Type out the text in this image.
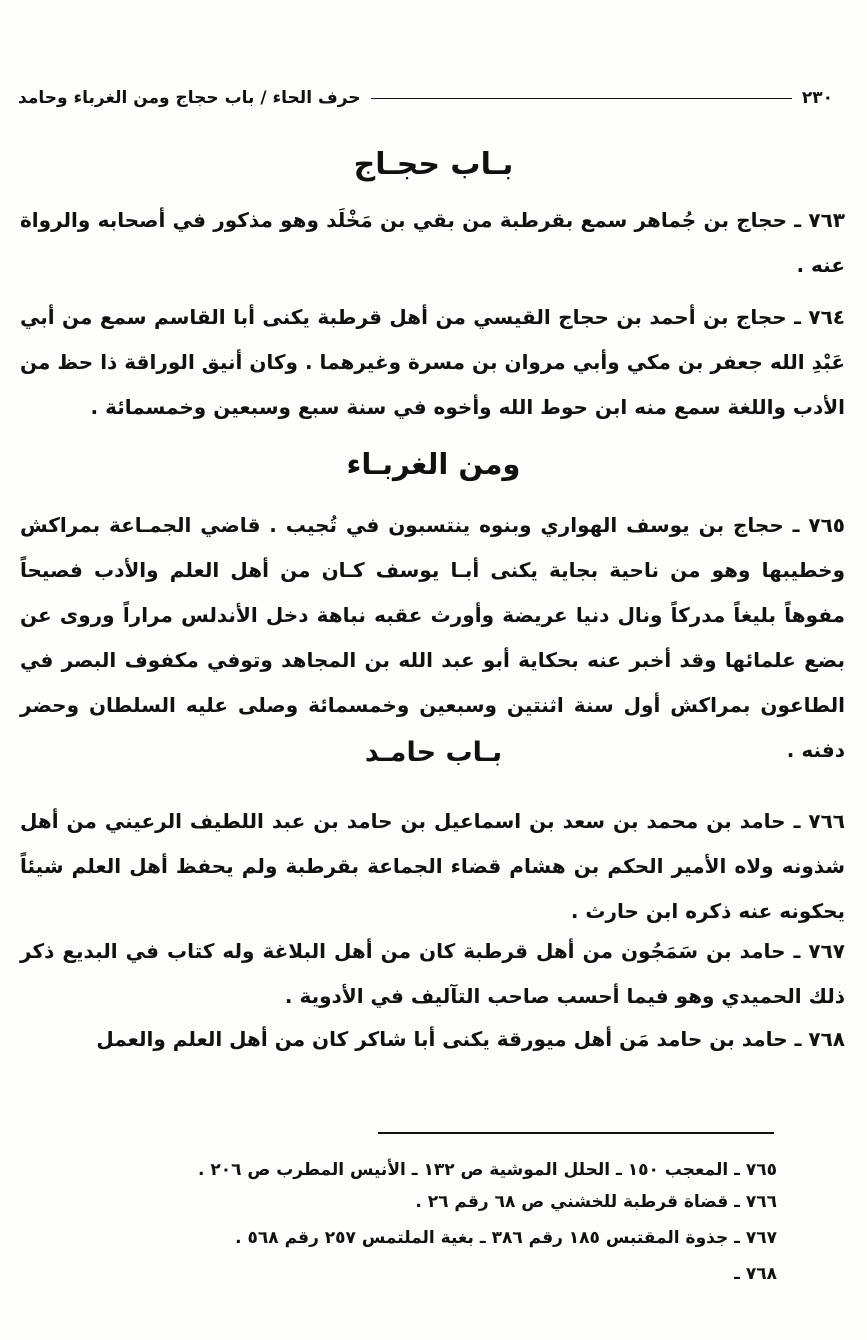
٢٣٠
حرف الحاء / باب حجاج ومن الغرباء وحامد
بـاب حجـاج
٧٦٣ ـ حجاج بن جُماهر سمع بقرطبة من بقي بن مَخْلَد وهو مذكور في أصحابه والرواة عنه .
٧٦٤ ـ حجاج بن أحمد بن حجاج القيسي من أهل قرطبة يكنى أبا القاسم سمع من أبي عَبْدِ الله جعفر بن مكي وأبي مروان بن مسرة وغيرهما . وكان أنيق الوراقة ذا حظ من الأدب واللغة سمع منه ابن حوط الله وأخوه في سنة سبع وسبعين وخمسمائة .
ومن الغربـاء
٧٦٥ ـ حجاج بن يوسف الهواري وبنوه ينتسبون في تُجيب . قاضي الجمـاعة بمراكش وخطيبها وهو من ناحية بجاية يكنى أبـا يوسف كـان من أهل العلم والأدب فصيحاً مفوهاً بليغاً مدركاً ونال دنيا عريضة وأورث عقبه نباهة دخل الأندلس مراراً وروى عن بضع علمائها وقد أخبر عنه بحكاية أبو عبد الله بن المجاهد وتوفي مكفوف البصر في الطاعون بمراكش أول سنة اثنتين وسبعين وخمسمائة وصلى عليه السلطان وحضر دفنه .
بـاب حامـد
٧٦٦ ـ حامد بن محمد بن سعد بن اسماعيل بن حامد بن عبد اللطيف الرعيني من أهل شذونه ولاه الأمير الحكم بن هشام قضاء الجماعة بقرطبة ولم يحفظ أهل العلم شيئاً يحكونه عنه ذكره ابن حارث .
٧٦٧ ـ حامد بن سَمَجُون من أهل قرطبة كان من أهل البلاغة وله كتاب في البديع ذكر ذلك الحميدي وهو فيما أحسب صاحب التآليف في الأدوية .
٧٦٨ ـ حامد بن حامد مَن أهل ميورقة يكنى أبا شاكر كان من أهل العلم والعمل
٧٦٥ ـ المعجب ١٥٠ ـ الحلل الموشية ص ١٣٢ ـ الأنيس المطرب ص ٢٠٦ .
٧٦٦ ـ قضاة قرطبة للخشني ص ٦٨ رقم ٢٦ .
٧٦٧ ـ جذوة المقتبس ١٨٥ رقم ٣٨٦ ـ بغية الملتمس ٢٥٧ رقم ٥٦٨ .
٧٦٨ ـ
